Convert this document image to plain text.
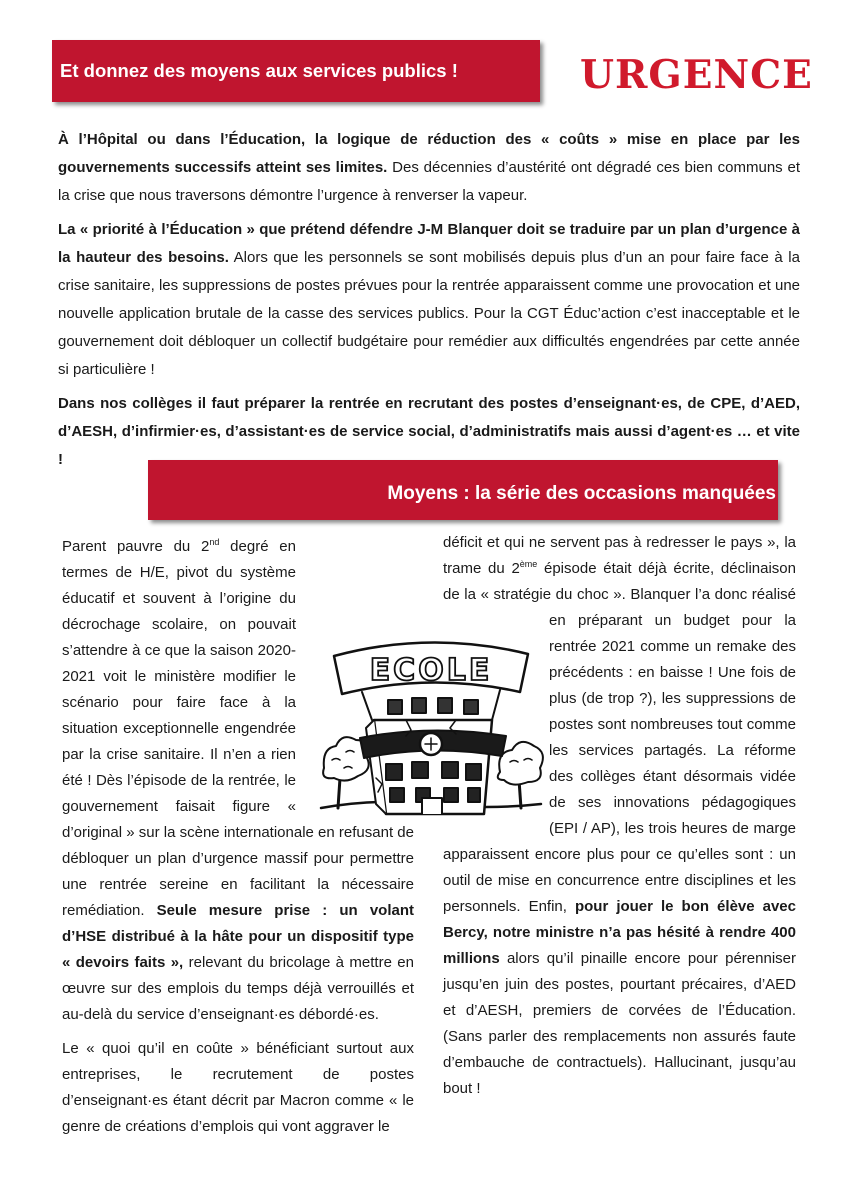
Et donnez des moyens aux services publics !	URGENCE

À l’Hôpital ou dans l’Éducation, la logique de réduction des « coûts » mise en place par les gouvernements successifs atteint ses limites. Des décennies d’austérité ont dégradé ces bien communs et la crise que nous traversons démontre l’urgence à renverser la vapeur.

La « priorité à l’Éducation » que prétend défendre J-M Blanquer doit se traduire par un plan d’urgence à la hauteur des besoins. Alors que les personnels se sont mobilisés depuis plus d’un an pour faire face à la crise sanitaire, les suppressions de postes prévues pour la rentrée apparaissent comme une provocation et une nouvelle application brutale de la casse des services publics. Pour la CGT Éduc’action c’est inacceptable et le gouvernement doit débloquer un collectif budgétaire pour remédier aux difficultés engendrées par cette année si particulière !

Dans nos collèges il faut préparer la rentrée en recrutant des postes d’enseignant·es, de CPE, d’AED, d’AESH, d’infirmier·es, d’assistant·es de service social, d’administratifs mais aussi d’agent·es … et vite !

Moyens : la série des occasions manquées

Parent pauvre du 2nd degré en termes de H/E, pivot du système éducatif et souvent à l’origine du décrochage scolaire, on pouvait s’attendre à ce que la saison 2020-2021 voit le ministère modifier le scénario pour faire face à la situation exceptionnelle engendrée par la crise sanitaire. Il n’en a rien été ! Dès l’épisode de la rentrée, le gouvernement faisait figure « d’original » sur la scène internationale en refusant de débloquer un plan d’urgence massif pour permettre une rentrée sereine en facilitant la nécessaire remédiation. Seule mesure prise : un volant d’HSE distribué à la hâte pour un dispositif type « devoirs faits », relevant du bricolage à mettre en œuvre sur des emplois du temps déjà verrouillés et au-delà du service d’enseignant·es débordé·es.

Le « quoi qu’il en coûte » bénéficiant surtout aux entreprises, le recrutement de postes d’enseignant·es étant décrit par Macron comme « le genre de créations d’emplois qui vont aggraver le

déficit et qui ne servent pas à redresser le pays », la trame du 2ème épisode était déjà écrite, déclinaison de la « stratégie du choc ». Blanquer l’a donc réalisé en préparant un budget pour la rentrée 2021 comme un remake des précédents : en baisse ! Une fois de plus (de trop ?), les suppressions de postes sont nombreuses tout comme les services partagés. La réforme des collèges étant désormais vidée de ses innovations pédagogiques (EPI / AP), les trois heures de marge apparaissent encore plus pour ce qu’elles sont : un outil de mise en concurrence entre disciplines et les personnels. Enfin, pour jouer le bon élève avec Bercy, notre ministre n’a pas hésité à rendre 400 millions alors qu’il pinaille encore pour pérenniser jusqu’en juin des postes, pourtant précaires, d’AED et d’AESH, premiers de corvées de l’Éducation. (Sans parler des remplacements non assurés faute d’embauche de contractuels). Hallucinant, jusqu’au bout !

ECOLE
